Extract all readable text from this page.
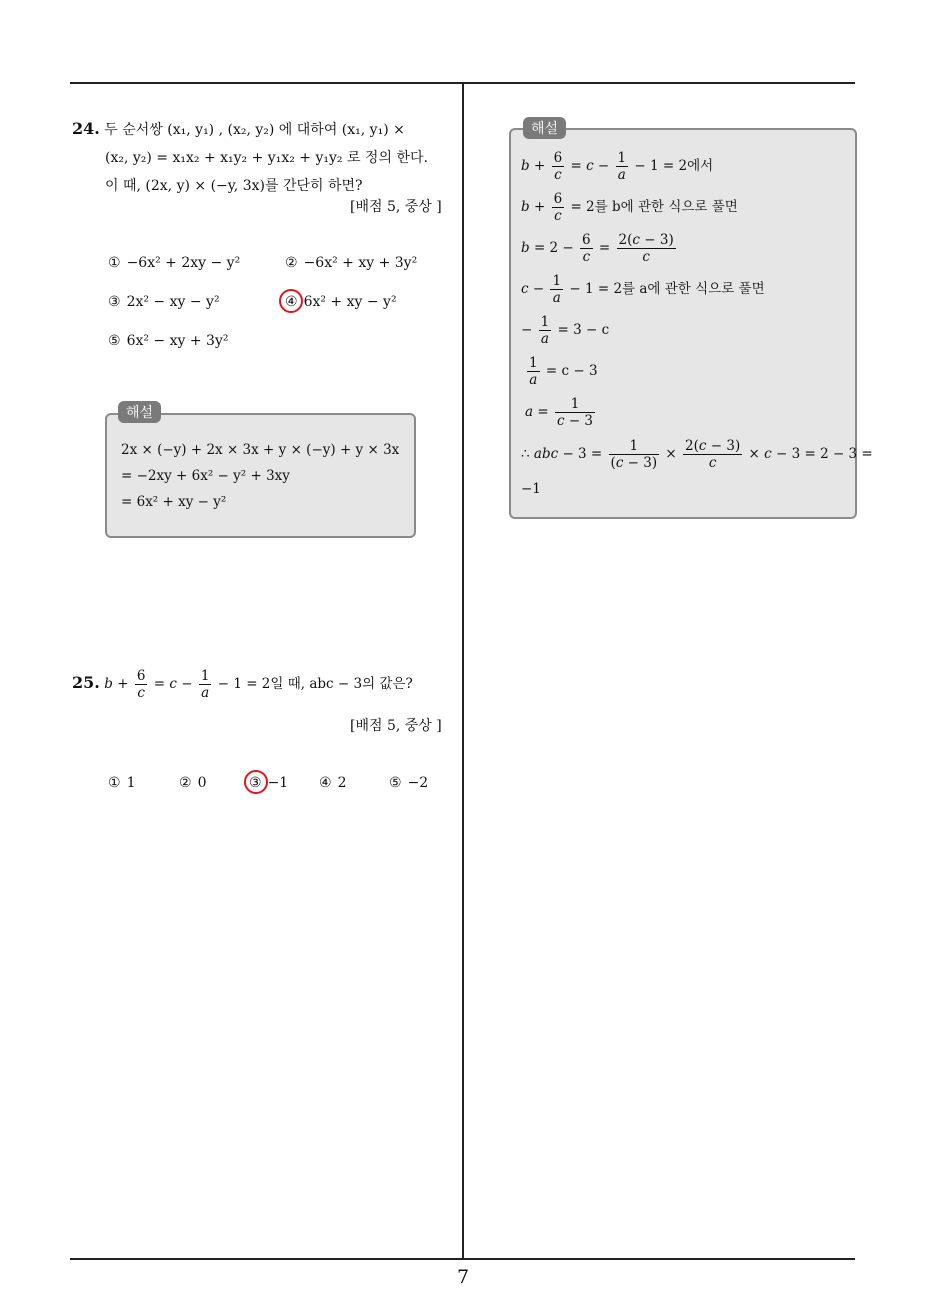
7
24. 두 순서쌍 (x₁, y₁) , (x₂, y₂) 에 대하여 (x₁, y₁) ×
(x₂, y₂) = x₁x₂ + x₁y₂ + y₁x₂ + y₁y₂ 로 정의 한다.
이 때, (2x, y) × (−y, 3x)를 간단히 하면?
[배점 5, 중상 ]
① −6x² + 2xy − y²	② −6x² + xy + 3y²
③ 2x² − xy − y²	④ 6x² + xy − y²
⑤ 6x² − xy + 3y²
해설
2x × (−y) + 2x × 3x + y × (−y) + y × 3x
= −2xy + 6x² − y² + 3xy
= 6x² + xy − y²
25. $b + \frac{6}{c} = c - \frac{1}{a} - 1 = 2$일 때, abc − 3의 값은?
[배점 5, 중상 ]
① 1	② 0	③ −1 ④ 2	⑤ −2
해설
$b + \frac{6}{c} = c - \frac{1}{a} - 1 = 2$에서
$b + \frac{6}{c} = 2$를 b에 관한 식으로 풀면
$b = 2 - \frac{6}{c} = \frac{2(c - 3)}{c}$
$c - \frac{1}{a} - 1 = 2$를 a에 관한 식으로 풀면
− $\frac{1}{a} = 3 - c$
$\frac{1}{a} = c - 3$
$a = \frac{1}{c - 3}$
∴ abc − $3 = \frac{1}{(c - 3)} \times \frac{2(c - 3)}{c} \times c - 3 = 2 - 3$ =
−1
